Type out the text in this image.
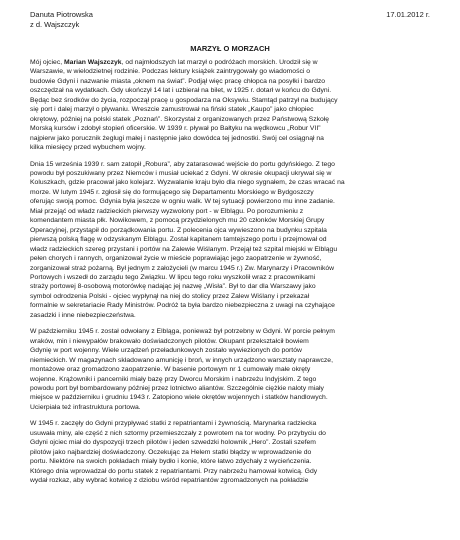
Danuta Piotrowska

z d. Wajszczyk

17.01.2012 r.
MARZYŁ O MORZACH

Mój ojciec, Marian Wajszczyk, od najmłodszych lat marzył o podróżach morskich. Urodził się w
Warszawie, w wielodzietnej rodzinie. Podczas lektury książek zaintrygowały go wiadomości o
budowie Gdyni i nazwanie miasta „oknem na świat”. Podjął więc pracę chłopca na posyłki i bardzo
oszczędzał na wydatkach. Gdy ukończył 14 lat i uzbierał na bilet, w 1925 r. dotarł w końcu do Gdyni.
Będąc bez środków do życia, rozpoczął pracę u gospodarza na Oksywiu. Stamtąd patrzył na budujący
się port i dalej marzył o pływaniu. Wreszcie zamustrował na fiński statek „Kaupo” jako chłopiec
okrętowy, później na polski statek „Poznań”. Skorzystał z organizowanych przez Państwową Szkołę
Morską kursów i zdobył stopień oficerskie. W 1939 r. pływał po Bałtyku na wędkowcu „Robur VII”
najpierw jako porucznik żeglugi małej i następnie jako dowódca tej jednostki. Swój cel osiągnął na
kilka miesięcy przed wybuchem wojny.

Dnia 15 września 1939 r. sam zatopił „Robura”, aby zatarasować wejście do portu gdyńskiego. Z tego
powodu był poszukiwany przez Niemców i musiał uciekać z Gdyni. W okresie okupacji ukrywał się w
Koluszkach, gdzie pracował jako kolejarz. Wyzwalanie kraju było dla niego sygnałem, że czas wracać na
morze. W lutym 1945 r. zgłosił się do formującego się Departamentu Morskiego w Bydgoszczy
oferując swoją pomoc. Gdynia była jeszcze w ogniu walk. W tej sytuacji powierzono mu inne zadanie.
Miał przejąć od władz radzieckich pierwszy wyzwolony port - w Elblągu. Po porozumieniu z
komendantem miasta płk. Nowikowem, z pomocą przydzielonych mu 20 członków Morskiej Grupy
Operacyjnej, przystąpił do porządkowania portu. Z polecenia ojca wywieszono na budynku szpitala
pierwszą polską flagę w odzyskanym Elblągu. Został kapitanem tamtejszego portu i przejmował od
władz radzieckich szereg przystani i portów na Zalewie Wiślanym. Przejął też szpital miejski w Elblągu
pełen chorych i rannych, organizował życie w mieście poprawiając jego zaopatrzenie w żywność,
zorganizował straż pożarną. Był jednym z założycieli (w marcu 1945 r.) Zw. Marynarzy i Pracowników
Portowych i wszedł do zarządu tego Związku. W lipcu tego roku wyszkolił wraz z pracownikami
straży portowej 8-osobową motorówkę nadając jej nazwę „Wisła”. Był to dar dla Warszawy jako
symbol odrodzenia Polski - ojciec wypłynął na niej do stolicy przez Zalew Wiślany i przekazał
formalnie w sekretariacie Rady Ministrów. Podróż ta była bardzo niebezpieczna z uwagi na czyhające
zasadzki i inne niebezpieczeństwa.

W październiku 1945 r. został odwołany z Elbląga, ponieważ był potrzebny w Gdyni. W porcie pełnym
wraków, min i niewypałów brakowało doświadczonych pilotów. Okupant przekształcił bowiem
Gdynię w port wojenny. Wiele urządzeń przeładunkowych zostało wywiezionych do portów
niemieckich. W magazynach składowano amunicję i broń, w innych urządzono warsztaty naprawcze,
montażowe oraz gromadzono zaopatrzenie. W basenie portowym nr 1 cumowały małe okręty
wojenne. Krążowniki i pancerniki miały bazę przy Dworcu Morskim i nabrzeżu Indyjskim. Z tego
powodu port był bombardowany później przez lotnictwo aliantów. Szczególnie ciężkie naloty miały
miejsce w październiku i grudniu 1943 r. Zatopiono wiele okrętów wojennych i statków handlowych.
Ucierpiała też infrastruktura portowa.

W 1945 r. zaczęły do Gdyni przypływać statki z repatriantami i żywnością. Marynarka radziecka
usuwała miny, ale część z nich sztormy przemieszczały z powrotem na tor wodny. Po przybyciu do
Gdyni ojciec miał do dyspozycji trzech pilotów i jeden szwedzki holownik „Hero”. Zostali szefem
pilotów jako najbardziej doświadczony. Oczekując za Helem statki błądzy w wprowadzenie do
portu. Niektóre na swoich pokładach miały bydło i konie, które łatwo zdychały z wycieńczenia.
Którego dnia wprowadzał do portu statek z repatriantami. Przy nabrzeżu hamował kotwicą. Gdy
wydał rozkaz, aby wybrać kotwicę z dziobu wśród repatriantów zgromadzonych na pokładzie
